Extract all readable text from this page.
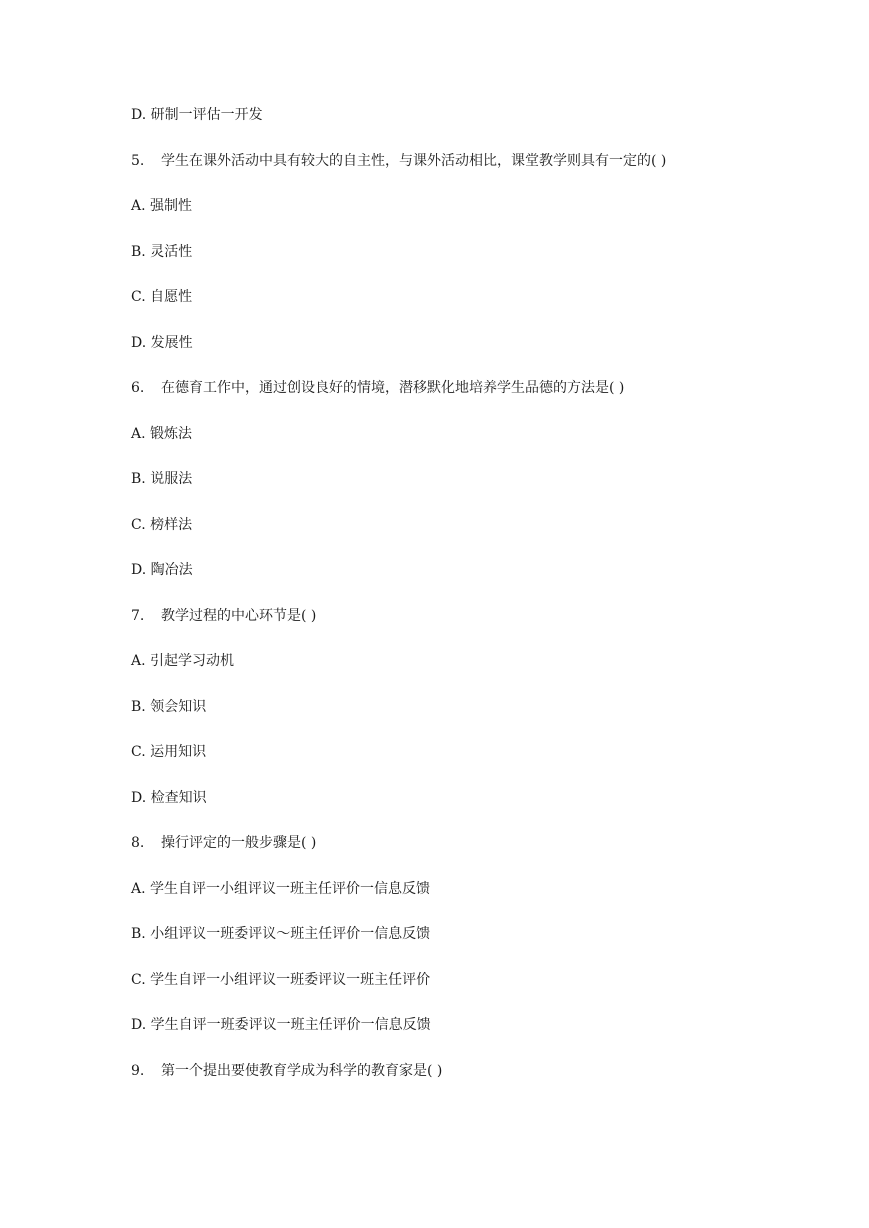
D. 研制一评估一开发
5. 学生在课外活动中具有较大的自主性，与课外活动相比，课堂教学则具有一定的( )
A. 强制性
B. 灵活性
C. 自愿性
D. 发展性
6. 在德育工作中，通过创设良好的情境，潜移默化地培养学生品德的方法是( )
A. 锻炼法
B. 说服法
C. 榜样法
D. 陶冶法
7. 教学过程的中心环节是( )
A. 引起学习动机
B. 领会知识
C. 运用知识
D. 检查知识
8. 操行评定的一般步骤是( )
A. 学生自评一小组评议一班主任评价一信息反馈
B. 小组评议一班委评议～班主任评价一信息反馈
C. 学生自评一小组评议一班委评议一班主任评价
D. 学生自评一班委评议一班主任评价一信息反馈
9. 第一个提出要使教育学成为科学的教育家是( )
